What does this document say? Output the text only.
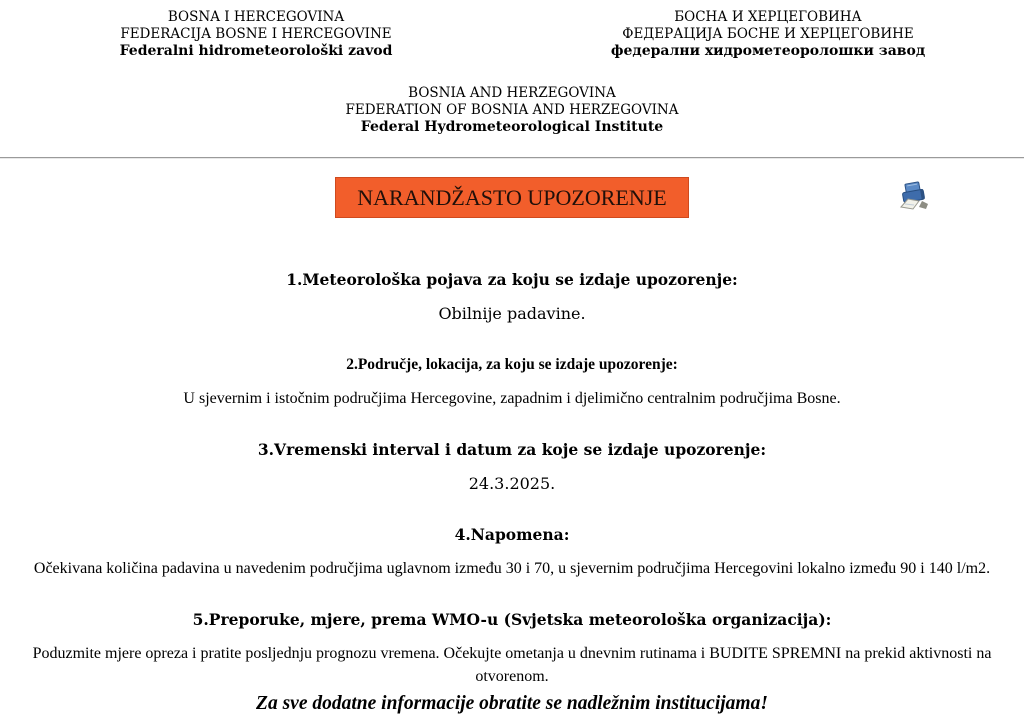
BOSNA I HERCEGOVINA
FEDERACIJA BOSNE I HERCEGOVINE
Federalni hidrometeorološki zavod
БОСНА И ХЕРЦЕГОВИНА
ФЕДЕРАЦИЈА БОСНЕ И ХЕРЦЕГОВИНЕ
федерални хидрометеоролошки завод
BOSNIA AND HERZEGOVINA
FEDERATION OF BOSNIA AND HERZEGOVINA
Federal Hydrometeorological Institute
NARANDŽASTO UPOZORENJE
1.Meteorološka pojava za koju se izdaje upozorenje:

Obilnije padavine.

2.Područje, lokacija, za koju se izdaje upozorenje:

U sjevernim i istočnim područjima Hercegovine, zapadnim i djelimično centralnim područjima Bosne.

3.Vremenski interval i datum za koje se izdaje upozorenje:

24.3.2025.

4.Napomena:

Očekivana količina padavina u navedenim područjima uglavnom između 30 i 70, u sjevernim područjima Hercegovini lokalno između 90 i 140 l/m2.

5.Preporuke, mjere, prema WMO-u (Svjetska meteorološka organizacija):

Poduzmite mjere opreza i pratite posljednju prognozu vremena. Očekujte ometanja u dnevnim rutinama i BUDITE SPREMNI na prekid aktivnosti na otvorenom.

Za sve dodatne informacije obratite se nadležnim institucijama!
